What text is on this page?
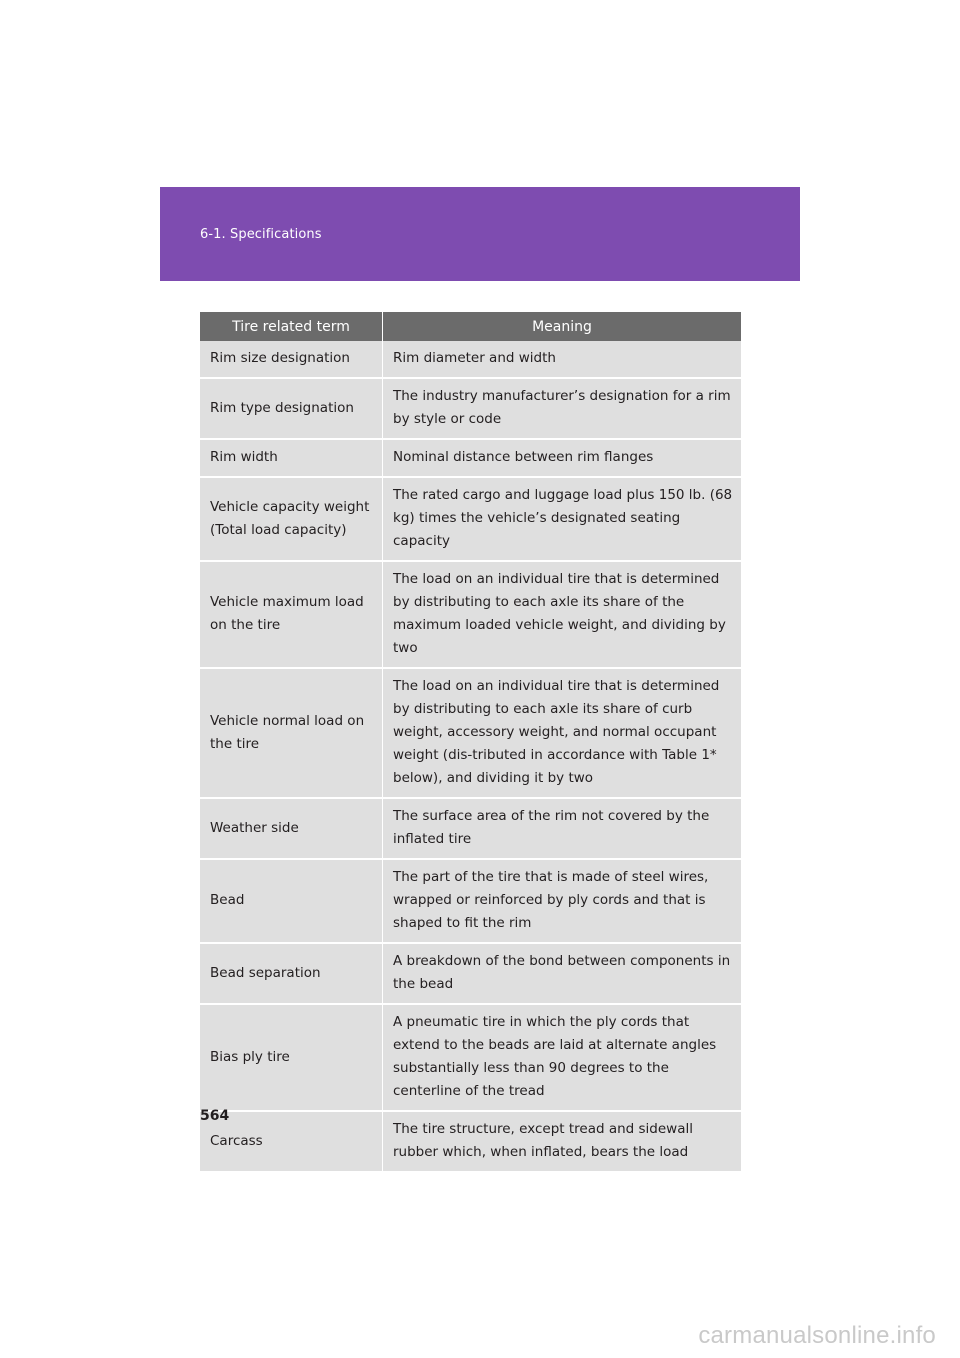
6-1. Specifications
Tire related term	Meaning
Rim size designation	Rim diameter and width
Rim type designation	The industry manufacturer’s designation for a rim by style or code
Rim width	Nominal distance between rim flanges
Vehicle capacity weight (Total load capacity)	The rated cargo and luggage load plus 150 lb. (68 kg) times the vehicle’s designated seating capacity
Vehicle maximum load on the tire	The load on an individual tire that is determined by distributing to each axle its share of the maximum loaded vehicle weight, and dividing by two
Vehicle normal load on the tire	The load on an individual tire that is determined by distributing to each axle its share of curb weight, accessory weight, and normal occupant weight (dis-tributed in accordance with Table 1* below), and dividing it by two
Weather side	The surface area of the rim not covered by the inflated tire
Bead	The part of the tire that is made of steel wires, wrapped or reinforced by ply cords and that is shaped to fit the rim
Bead separation	A breakdown of the bond between components in the bead
Bias ply tire	A pneumatic tire in which the ply cords that extend to the beads are laid at alternate angles substantially less than 90 degrees to the centerline of the tread
Carcass	The tire structure, except tread and sidewall rubber which, when inflated, bears the load
564
carmanualsonline.info
